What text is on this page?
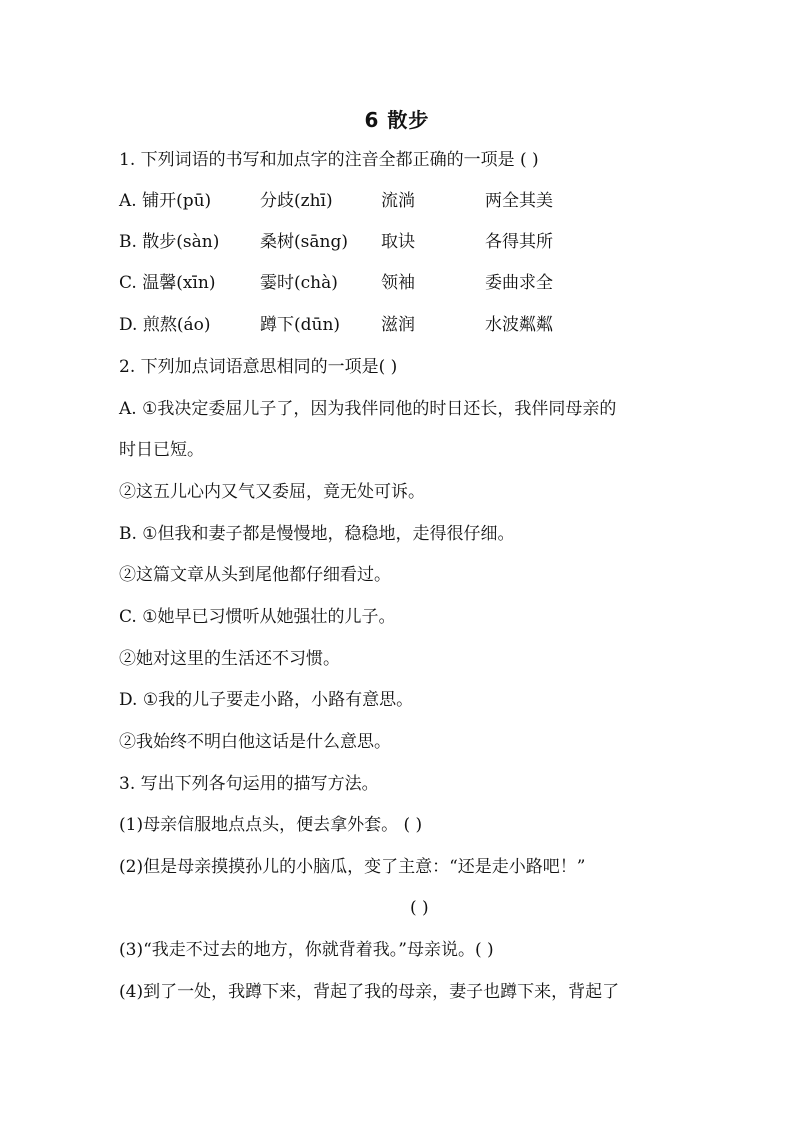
6 散步
1. 下列词语的书写和加点字的注音全都正确的一项是 ( )
A. 铺开(pū)	分歧(zhī)	流淌	两全其美
B. 散步(sàn) 桑树(sāng) 取诀	各得其所
C. 温馨(xīn)	霎时(chà)	领袖	委曲求全
D. 煎熬(áo)	蹲下(dūn) 滋润	水波粼粼
2. 下列加点词语意思相同的一项是( )
A. ①我决定委屈儿子了，因为我伴同他的时日还长，我伴同母亲的
时日已短。
②这五儿心内又气又委屈，竟无处可诉。
B. ①但我和妻子都是慢慢地，稳稳地，走得很仔细。
②这篇文章从头到尾他都仔细看过。
C. ①她早已习惯听从她强壮的儿子。
②她对这里的生活还不习惯。
D. ①我的儿子要走小路，小路有意思。
②我始终不明白他这话是什么意思。
3. 写出下列各句运用的描写方法。
(1)母亲信服地点点头，便去拿外套。 ( )
(2)但是母亲摸摸孙儿的小脑瓜，变了主意：“还是走小路吧！”
( )
(3)“我走不过去的地方，你就背着我。”母亲说。( )
(4)到了一处，我蹲下来，背起了我的母亲，妻子也蹲下来，背起了
